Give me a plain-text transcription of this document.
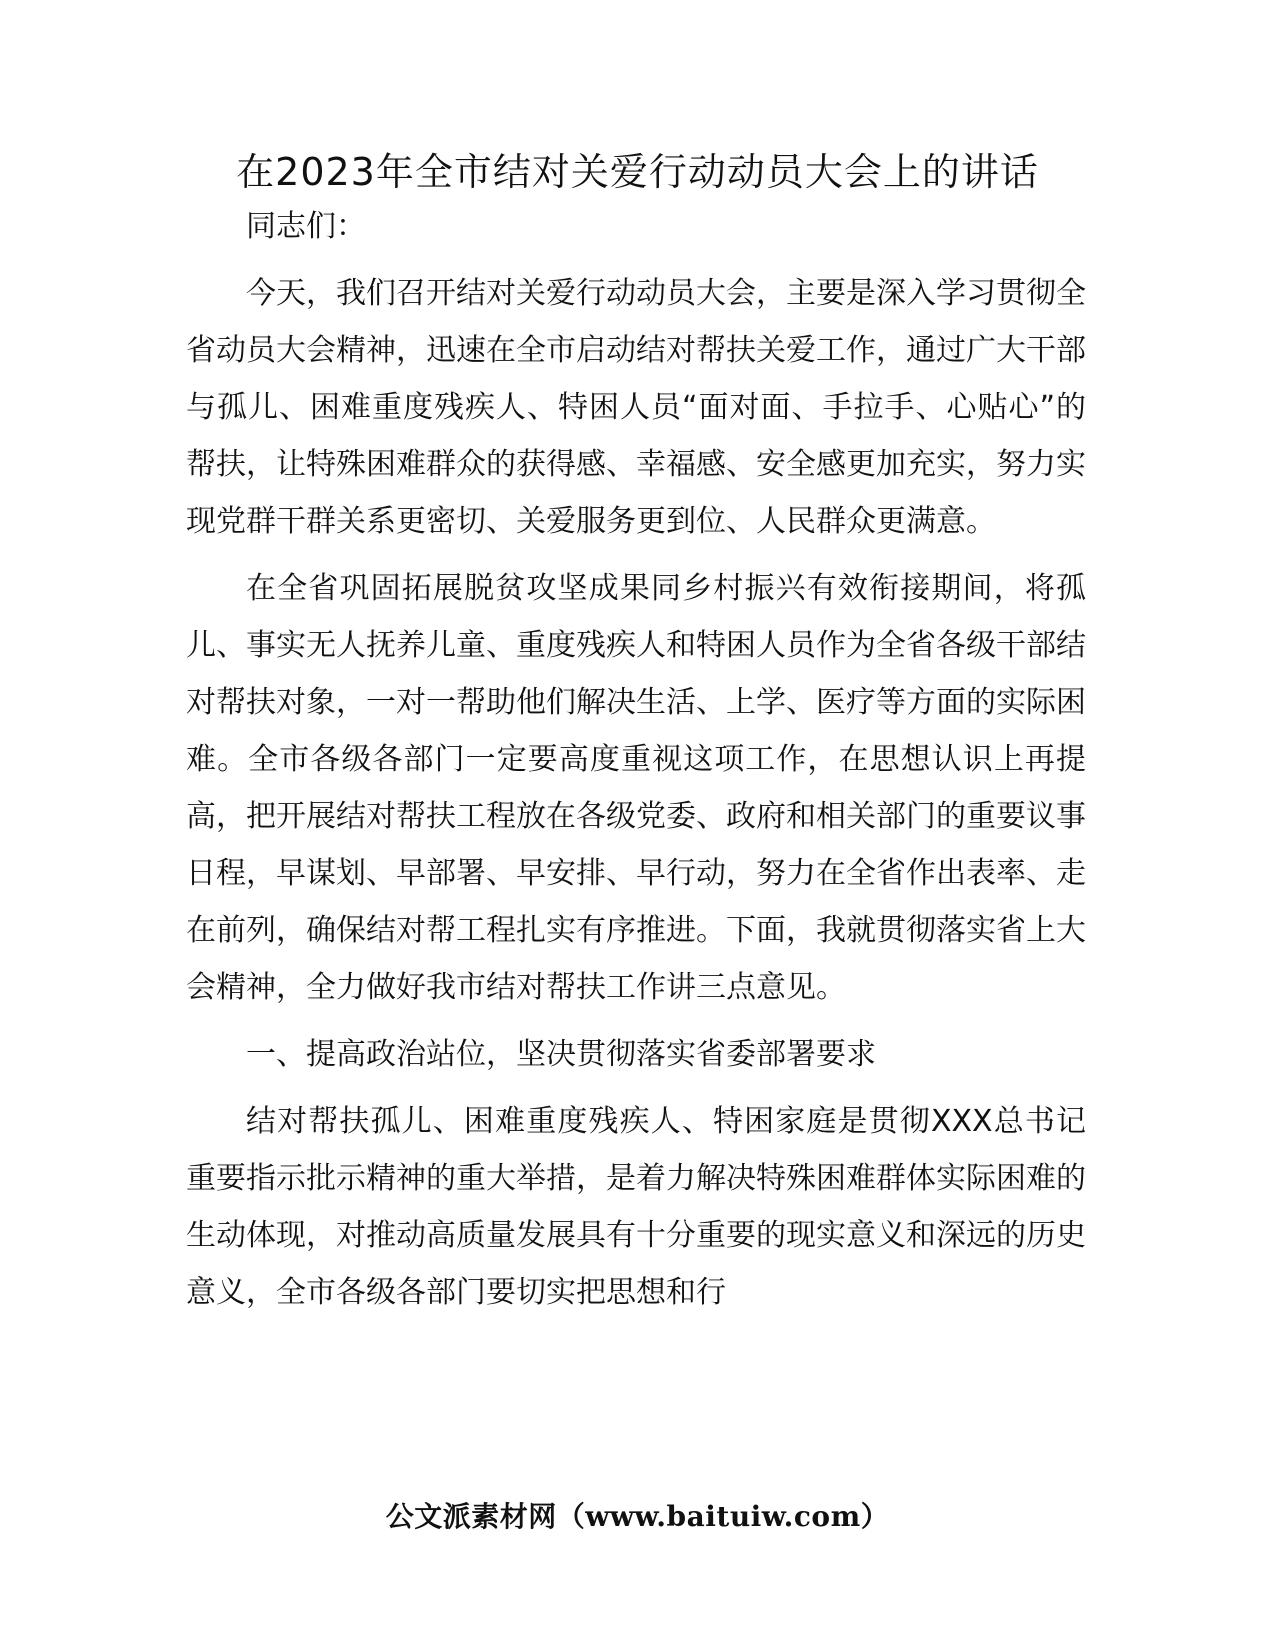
在2023年全市结对关爱行动动员大会上的讲话

同志们：

今天，我们召开结对关爱行动动员大会，主要是深入学习贯彻全省动员大会精神，迅速在全市启动结对帮扶关爱工作，通过广大干部与孤儿、困难重度残疾人、特困人员“面对面、手拉手、心贴心”的帮扶，让特殊困难群众的获得感、幸福感、安全感更加充实，努力实现党群干群关系更密切、关爱服务更到位、人民群众更满意。

在全省巩固拓展脱贫攻坚成果同乡村振兴有效衔接期间，将孤儿、事实无人抚养儿童、重度残疾人和特困人员作为全省各级干部结对帮扶对象，一对一帮助他们解决生活、上学、医疗等方面的实际困难。全市各级各部门一定要高度重视这项工作，在思想认识上再提高，把开展结对帮扶工程放在各级党委、政府和相关部门的重要议事日程，早谋划、早部署、早安排、早行动，努力在全省作出表率、走在前列，确保结对帮工程扎实有序推进。下面，我就贯彻落实省上大会精神，全力做好我市结对帮扶工作讲三点意见。

一、提高政治站位，坚决贯彻落实省委部署要求

结对帮扶孤儿、困难重度残疾人、特困家庭是贯彻XXX总书记重要指示批示精神的重大举措，是着力解决特殊困难群体实际困难的生动体现，对推动高质量发展具有十分重要的现实意义和深远的历史意义，全市各级各部门要切实把思想和行

公文派素材网（www.baituiw.com）
